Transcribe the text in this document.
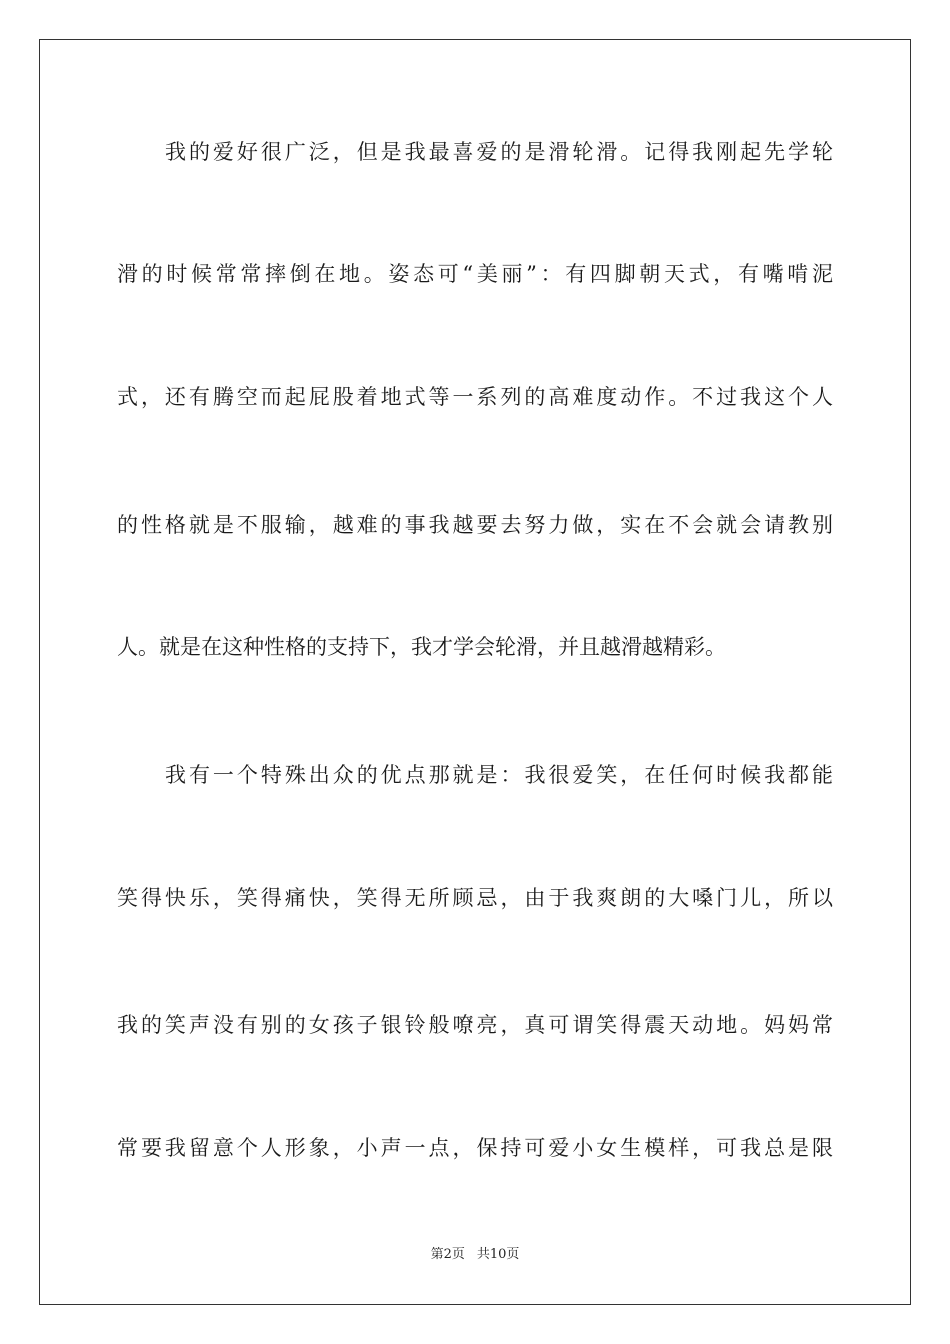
我的爱好很广泛，但是我最喜爱的是滑轮滑。记得我刚起先学轮
滑的时候常常摔倒在地。姿态可“美丽”：有四脚朝天式，有嘴啃泥
式，还有腾空而起屁股着地式等一系列的高难度动作。不过我这个人
的性格就是不服输，越难的事我越要去努力做，实在不会就会请教别
人。就是在这种性格的支持下，我才学会轮滑，并且越滑越精彩。
我有一个特殊出众的优点那就是：我很爱笑，在任何时候我都能
笑得快乐，笑得痛快，笑得无所顾忌，由于我爽朗的大嗓门儿，所以
我的笑声没有别的女孩子银铃般嘹亮，真可谓笑得震天动地。妈妈常
常要我留意个人形象，小声一点，保持可爱小女生模样，可我总是限
第2页 共10页
